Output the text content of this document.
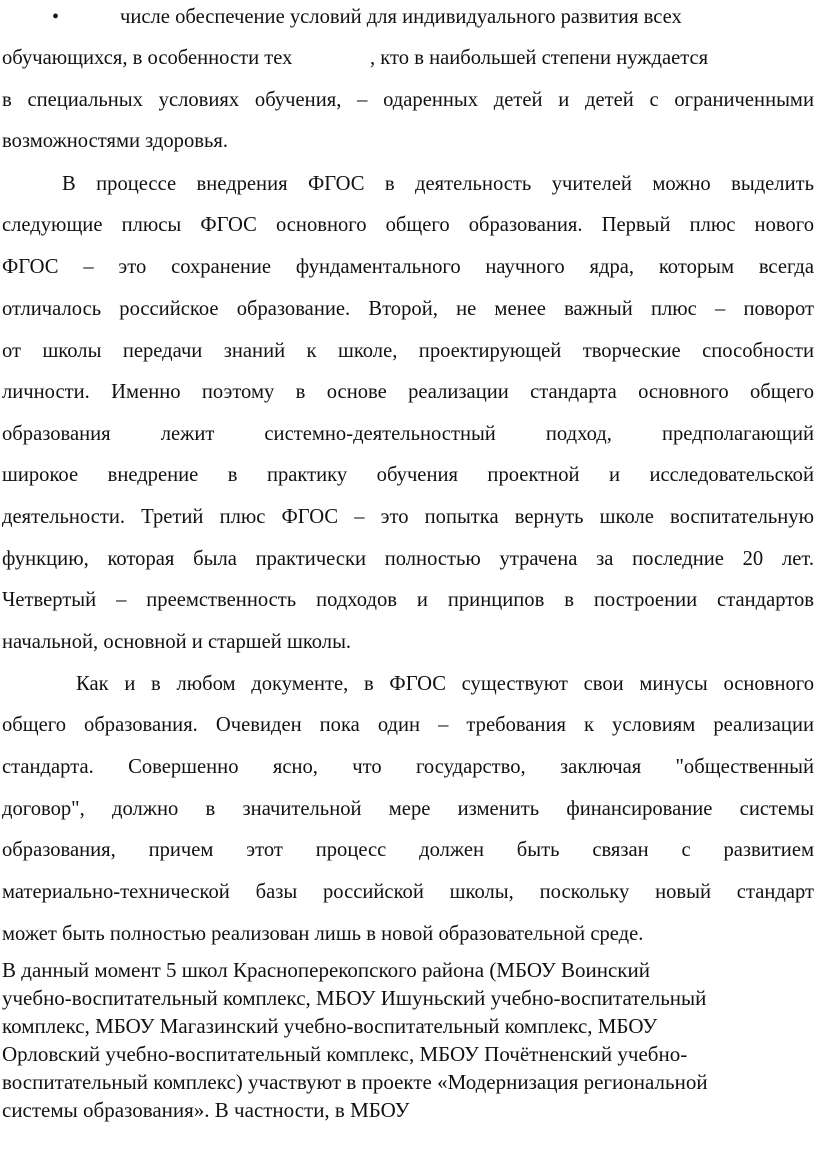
•	числе обеспечение условий для индивидуального развития всех
обучающихся, в особенности тех	, кто в наибольшей степени нуждается
в специальных условиях обучения, – одаренных детей и детей с ограниченными
возможностями здоровья.
В процессе внедрения ФГОС в деятельность учителей можно выделить
следующие плюсы ФГОС основного общего образования. Первый плюс нового
ФГОС – это сохранение фундаментального научного ядра, которым всегда
отличалось российское образование. Второй, не менее важный плюс – поворот
от школы передачи знаний к школе, проектирующей творческие способности
личности. Именно поэтому в основе реализации стандарта основного общего
образования лежит системно-деятельностный подход, предполагающий
широкое внедрение в практику обучения проектной и исследовательской
деятельности. Третий плюс ФГОС – это попытка вернуть школе воспитательную
функцию, которая была практически полностью утрачена за последние 20 лет.
Четвертый – преемственность подходов и принципов в построении стандартов
начальной, основной и старшей школы.
Как и в любом документе, в ФГОС существуют свои минусы основного
общего образования. Очевиден пока один – требования к условиям реализации
стандарта. Совершенно ясно, что государство, заключая "общественный
договор", должно в значительной мере изменить финансирование системы
образования, причем этот процесс должен быть связан с развитием
материально-технической базы российской школы, поскольку новый стандарт
может быть полностью реализован лишь в новой образовательной среде.
В данный момент 5 школ Красноперекопского района (МБОУ Воинский
учебно-воспитательный комплекс, МБОУ Ишуньский учебно-воспитательный
комплекс, МБОУ Магазинский учебно-воспитательный комплекс, МБОУ
Орловский учебно-воспитательный комплекс, МБОУ Почётненский учебно-
воспитательный комплекс) участвуют в проекте «Модернизация региональной
системы образования». В частности, в МБОУ
